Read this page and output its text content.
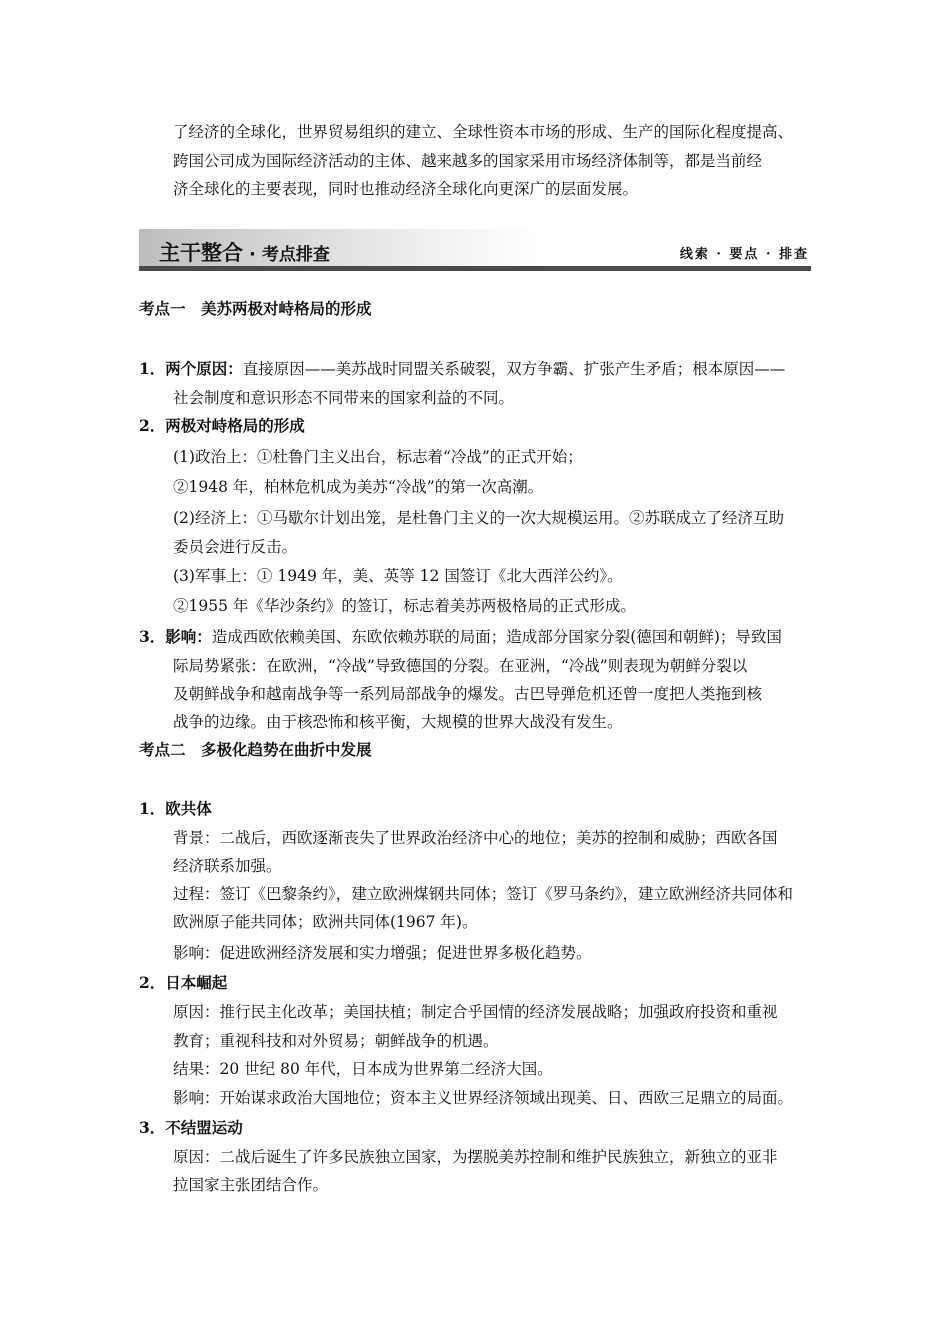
了经济的全球化，世界贸易组织的建立、全球性资本市场的形成、生产的国际化程度提高、
跨国公司成为国际经济活动的主体、越来越多的国家采用市场经济体制等，都是当前经
济全球化的主要表现，同时也推动经济全球化向更深广的层面发展。
主干整合 · 考点排查	线索 · 要点 · 排查
考点一　美苏两极对峙格局的形成
1．两个原因：直接原因——美苏战时同盟关系破裂，双方争霸、扩张产生矛盾；根本原因——
社会制度和意识形态不同带来的国家利益的不同。
2．两极对峙格局的形成
(1)政治上：①杜鲁门主义出台，标志着“冷战”的正式开始；
②1948 年，柏林危机成为美苏“冷战”的第一次高潮。
(2)经济上：①马歇尔计划出笼，是杜鲁门主义的一次大规模运用。②苏联成立了经济互助
委员会进行反击。
(3)军事上：① 1949 年，美、英等 12 国签订《北大西洋公约》。
②1955 年《华沙条约》的签订，标志着美苏两极格局的正式形成。
3．影响：造成西欧依赖美国、东欧依赖苏联的局面；造成部分国家分裂(德国和朝鲜)；导致国
际局势紧张：在欧洲，“冷战”导致德国的分裂。在亚洲，“冷战”则表现为朝鲜分裂以
及朝鲜战争和越南战争等一系列局部战争的爆发。古巴导弹危机还曾一度把人类拖到核
战争的边缘。由于核恐怖和核平衡，大规模的世界大战没有发生。
考点二　多极化趋势在曲折中发展
1．欧共体
背景：二战后，西欧逐渐丧失了世界政治经济中心的地位；美苏的控制和威胁；西欧各国
经济联系加强。
过程：签订《巴黎条约》，建立欧洲煤钢共同体；签订《罗马条约》，建立欧洲经济共同体和
欧洲原子能共同体；欧洲共同体(1967 年)。
影响：促进欧洲经济发展和实力增强；促进世界多极化趋势。
2．日本崛起
原因：推行民主化改革；美国扶植；制定合乎国情的经济发展战略；加强政府投资和重视
教育；重视科技和对外贸易；朝鲜战争的机遇。
结果：20 世纪 80 年代，日本成为世界第二经济大国。
影响：开始谋求政治大国地位；资本主义世界经济领域出现美、日、西欧三足鼎立的局面。
3．不结盟运动
原因：二战后诞生了许多民族独立国家，为摆脱美苏控制和维护民族独立，新独立的亚非
拉国家主张团结合作。
